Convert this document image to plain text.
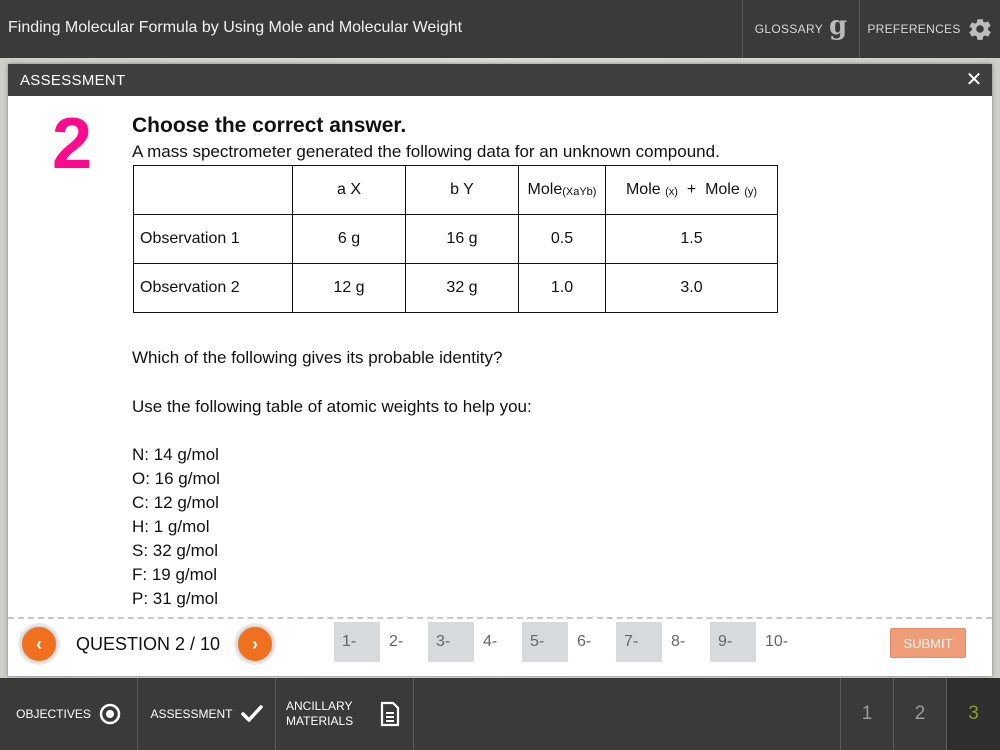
Finding Molecular Formula by Using Mole and Molecular Weight	GLOSSARY g PREFERENCES
ASSESSMENT	✕
2 Choose the correct answer.
A mass spectrometer generated the following data for an unknown compound.
	a X	b Y	Mole$_{(XaYb)}$	Mole $_{(x)}$ + Mole $_{(y)}$
Observation 1	6 g	16 g	0.5	1.5
Observation 2	12 g	32 g	1.0	3.0
Which of the following gives its probable identity?
Use the following table of atomic weights to help you:
N: 14 g/mol
O: 16 g/mol
C: 12 g/mol
H: 1 g/mol
S: 32 g/mol
F: 19 g/mol
P: 31 g/mol
‹	QUESTION 2 / 10	›	1-	2-	3-	4-	5-	6-	7-	8-	9-	10-	SUBMIT
OBJECTIVES	ASSESSMENT
ANCILLARY
MATERIALS	1	2	3
